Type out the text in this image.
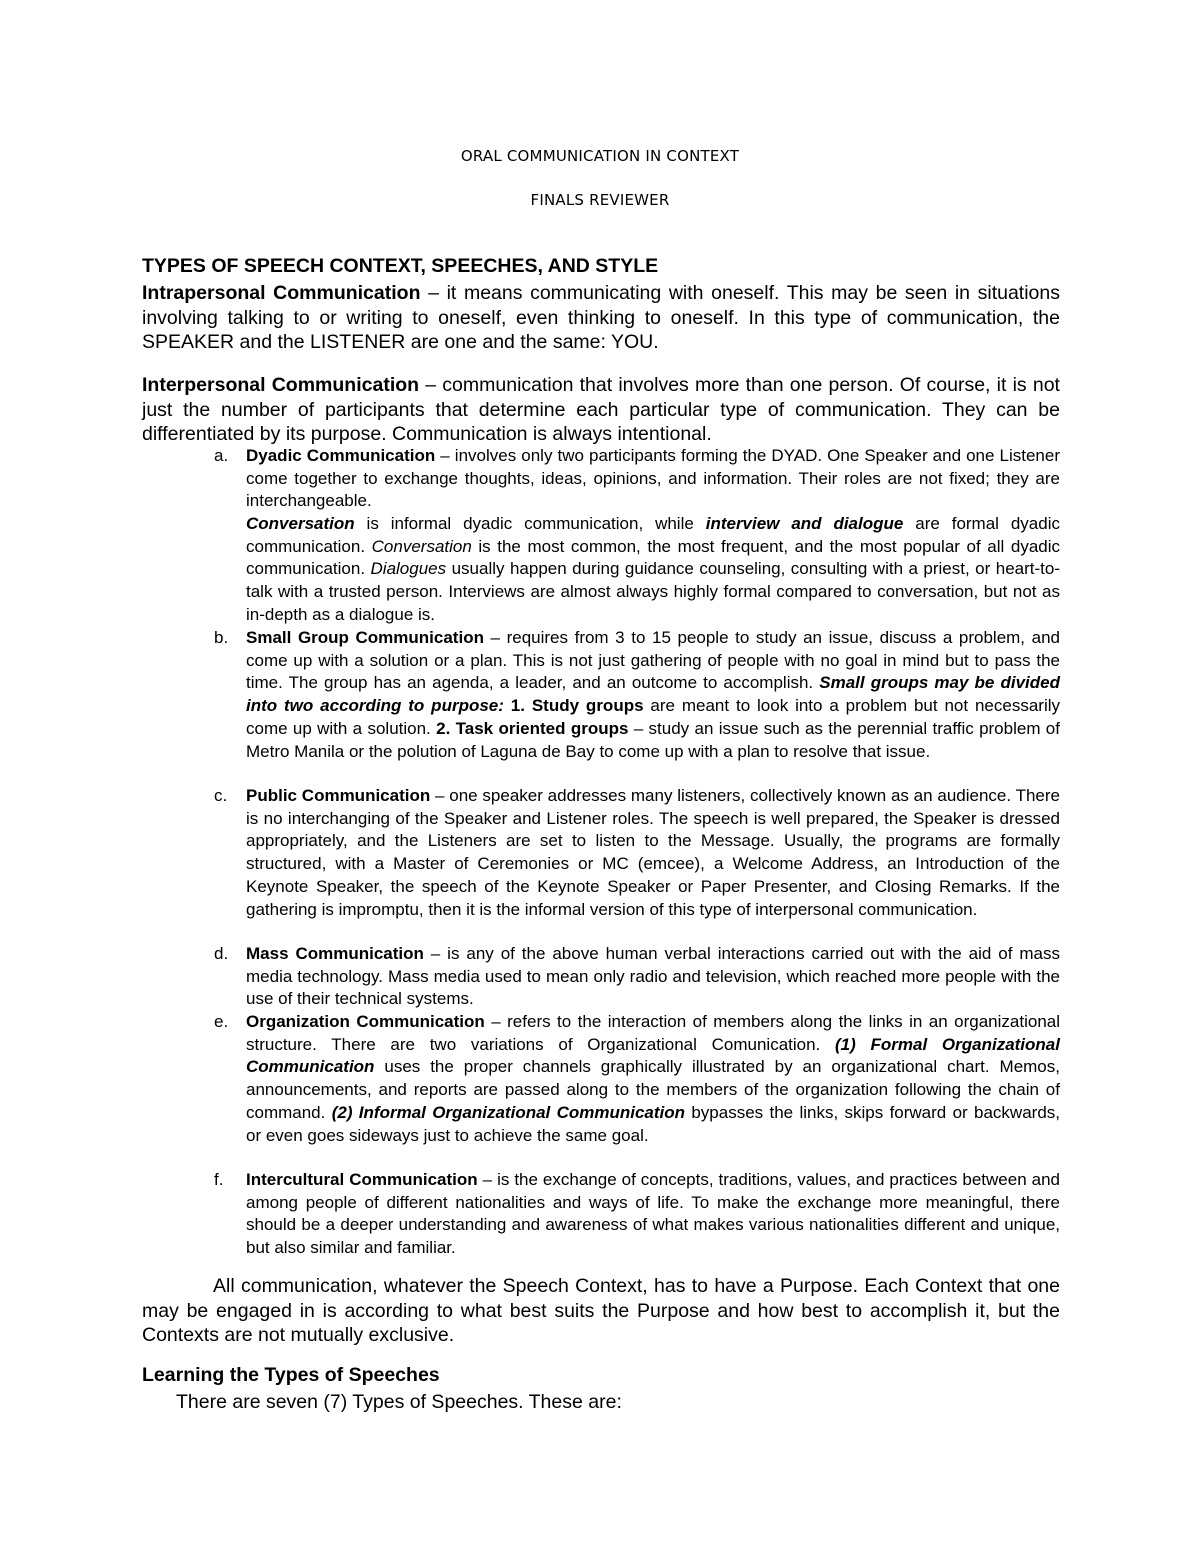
ORAL COMMUNICATION IN CONTEXT
FINALS REVIEWER

TYPES OF SPEECH CONTEXT, SPEECHES, AND STYLE

Intrapersonal Communication – it means communicating with oneself. This may be seen in situations involving talking to or writing to oneself, even thinking to oneself. In this type of communication, the SPEAKER and the LISTENER are one and the same: YOU.

Interpersonal Communication – communication that involves more than one person. Of course, it is not just the number of participants that determine each particular type of communication. They can be differentiated by its purpose. Communication is always intentional.

a. Dyadic Communication – involves only two participants forming the DYAD. One Speaker and one Listener come together to exchange thoughts, ideas, opinions, and information. Their roles are not fixed; they are interchangeable.

Conversation is informal dyadic communication, while interview and dialogue are formal dyadic communication. Conversation is the most common, the most frequent, and the most popular of all dyadic communication. Dialogues usually happen during guidance counseling, consulting with a priest, or heart-to-talk with a trusted person. Interviews are almost always highly formal compared to conversation, but not as in-depth as a dialogue is.

b. Small Group Communication – requires from 3 to 15 people to study an issue, discuss a problem, and come up with a solution or a plan. This is not just gathering of people with no goal in mind but to pass the time. The group has an agenda, a leader, and an outcome to accomplish. Small groups may be divided into two according to purpose: 1. Study groups are meant to look into a problem but not necessarily come up with a solution. 2. Task oriented groups – study an issue such as the perennial traffic problem of Metro Manila or the polution of Laguna de Bay to come up with a plan to resolve that issue.

c. Public Communication – one speaker addresses many listeners, collectively known as an audience. There is no interchanging of the Speaker and Listener roles. The speech is well prepared, the Speaker is dressed appropriately, and the Listeners are set to listen to the Message. Usually, the programs are formally structured, with a Master of Ceremonies or MC (emcee), a Welcome Address, an Introduction of the Keynote Speaker, the speech of the Keynote Speaker or Paper Presenter, and Closing Remarks. If the gathering is impromptu, then it is the informal version of this type of interpersonal communication.

d. Mass Communication – is any of the above human verbal interactions carried out with the aid of mass media technology. Mass media used to mean only radio and television, which reached more people with the use of their technical systems.

e. Organization Communication – refers to the interaction of members along the links in an organizational structure. There are two variations of Organizational Comunication. (1) Formal Organizational Communication uses the proper channels graphically illustrated by an organizational chart. Memos, announcements, and reports are passed along to the members of the organization following the chain of command. (2) Informal Organizational Communication bypasses the links, skips forward or backwards, or even goes sideways just to achieve the same goal.

f. Intercultural Communication – is the exchange of concepts, traditions, values, and practices between and among people of different nationalities and ways of life. To make the exchange more meaningful, there should be a deeper understanding and awareness of what makes various nationalities different and unique, but also similar and familiar.

All communication, whatever the Speech Context, has to have a Purpose. Each Context that one may be engaged in is according to what best suits the Purpose and how best to accomplish it, but the Contexts are not mutually exclusive.

Learning the Types of Speeches

There are seven (7) Types of Speeches. These are:
